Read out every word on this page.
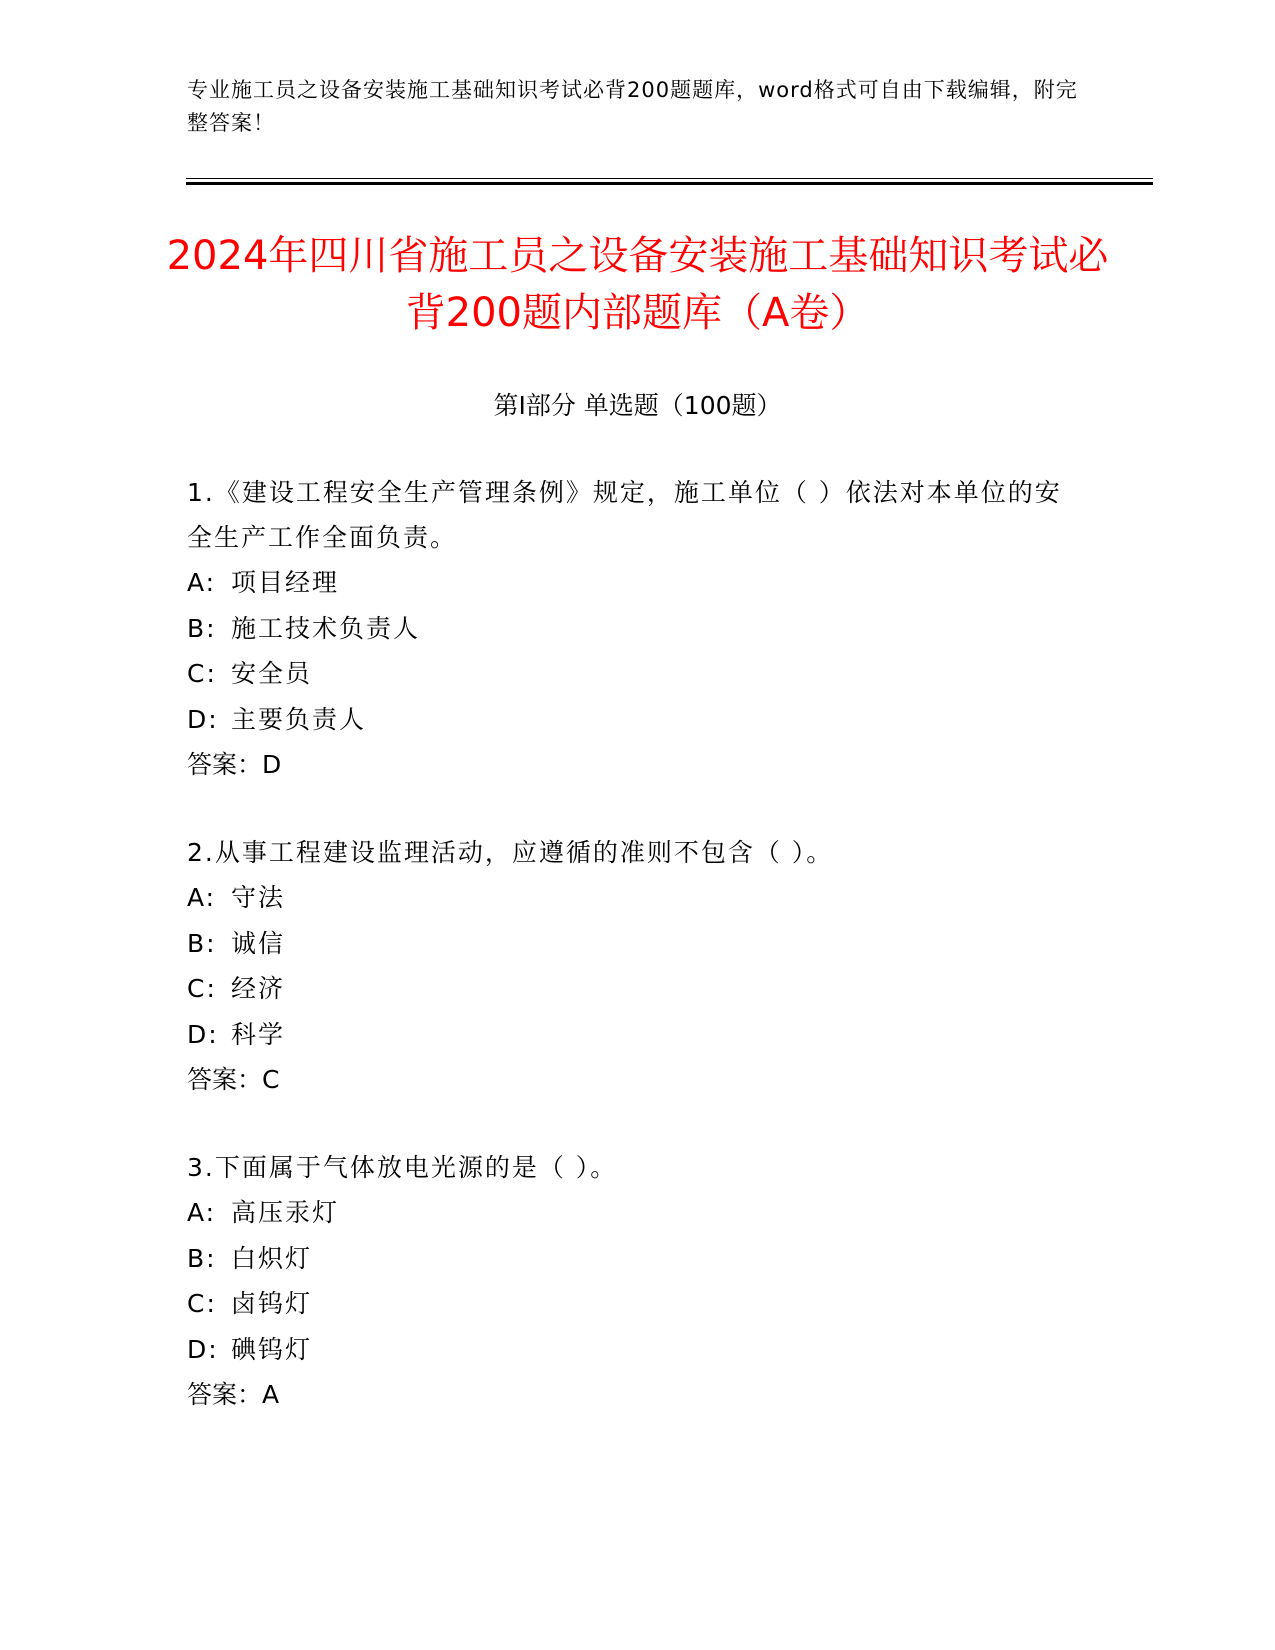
专业施工员之设备安装施工基础知识考试必背200题题库，word格式可自由下载编辑，附完整答案！
2024年四川省施工员之设备安装施工基础知识考试必背200题内部题库（A卷）
第Ⅰ部分 单选题（100题）
1.《建设工程安全生产管理条例》规定，施工单位（ ）依法对本单位的安全生产工作全面负责。
A: 项目经理
B: 施工技术负责人
C: 安全员
D: 主要负责人
答案：D
2.从事工程建设监理活动，应遵循的准则不包含（ ）。
A: 守法
B: 诚信
C: 经济
D: 科学
答案：C
3.下面属于气体放电光源的是（ ）。
A: 高压汞灯
B: 白炽灯
C: 卤钨灯
D: 碘钨灯
答案：A
